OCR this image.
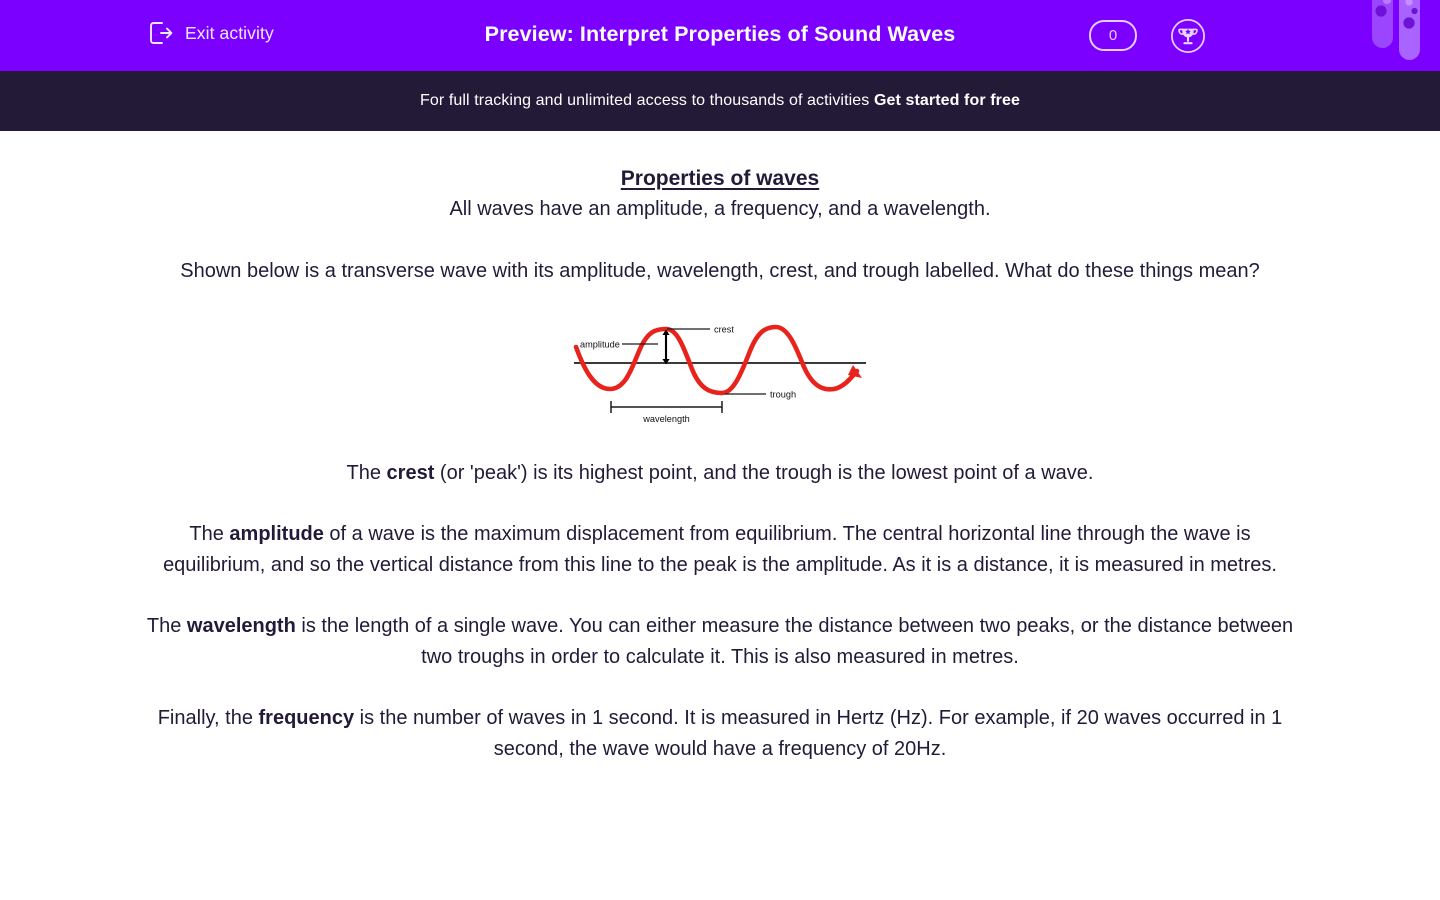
Exit activity	Preview: Interpret Properties of Sound Waves	0
For full tracking and unlimited access to thousands of activities Get started for free
Properties of waves
All waves have an amplitude, a frequency, and a wavelength.
Shown below is a transverse wave with its amplitude, wavelength, crest, and trough labelled. What do these things mean?
crest
amplitude
trough
wavelength
The crest (or 'peak') is its highest point, and the trough is the lowest point of a wave.
The amplitude of a wave is the maximum displacement from equilibrium. The central horizontal line through the wave is equilibrium, and so the vertical distance from this line to the peak is the amplitude. As it is a distance, it is measured in metres.
The wavelength is the length of a single wave. You can either measure the distance between two peaks, or the distance between two troughs in order to calculate it. This is also measured in metres.
Finally, the frequency is the number of waves in 1 second. It is measured in Hertz (Hz). For example, if 20 waves occurred in 1 second, the wave would have a frequency of 20Hz.
